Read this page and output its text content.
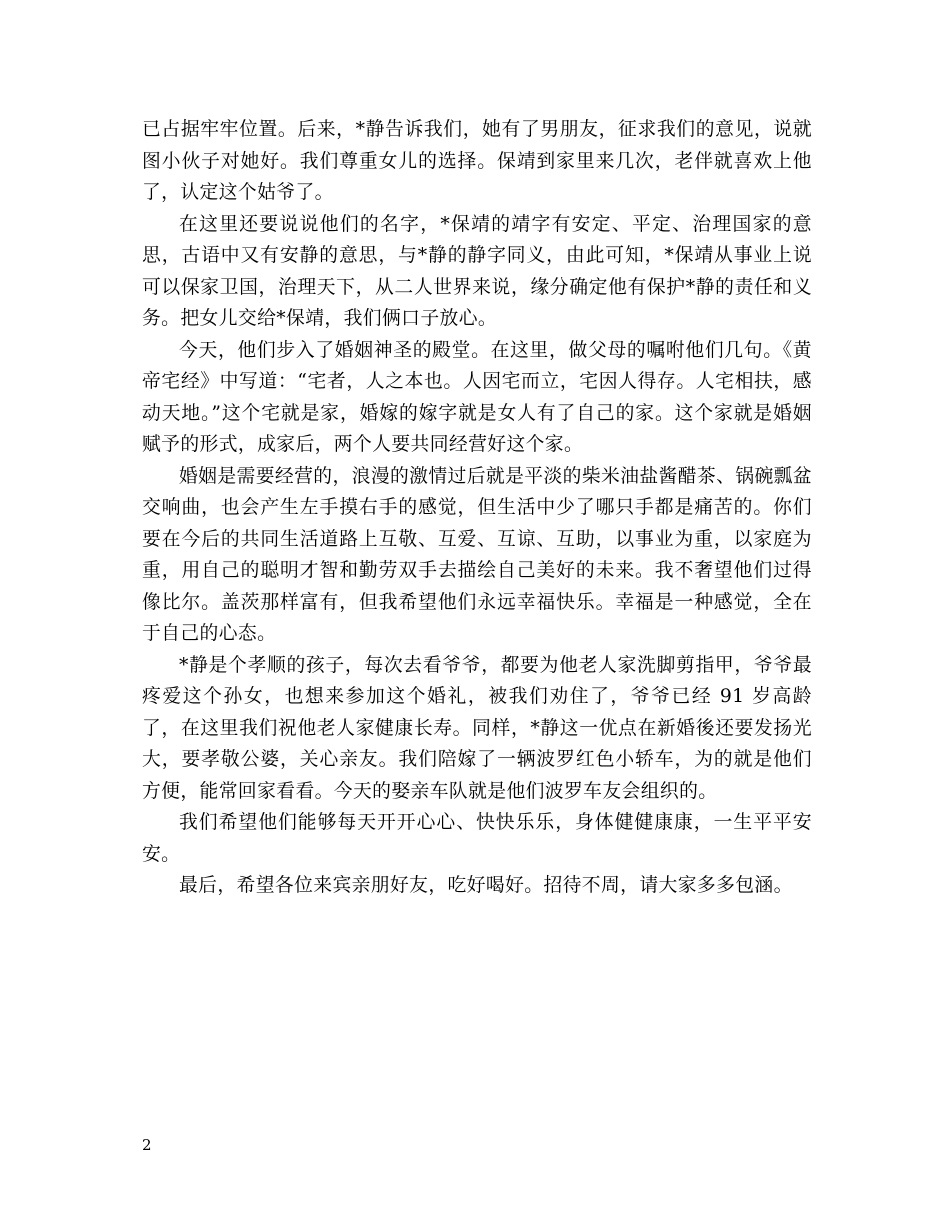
已占据牢牢位置。后来，*静告诉我们，她有了男朋友，征求我们的意见，说就图小伙子对她好。我们尊重女儿的选择。保靖到家里来几次，老伴就喜欢上他了，认定这个姑爷了。

在这里还要说说他们的名字，*保靖的靖字有安定、平定、治理国家的意思，古语中又有安静的意思，与*静的静字同义，由此可知，*保靖从事业上说可以保家卫国，治理天下，从二人世界来说，缘分确定他有保护*静的责任和义务。把女儿交给*保靖，我们俩口子放心。

今天，他们步入了婚姻神圣的殿堂。在这里，做父母的嘱咐他们几句。《黄帝宅经》中写道：“宅者，人之本也。人因宅而立，宅因人得存。人宅相扶，感动天地。”这个宅就是家，婚嫁的嫁字就是女人有了自己的家。这个家就是婚姻赋予的形式，成家后，两个人要共同经营好这个家。

婚姻是需要经营的，浪漫的激情过后就是平淡的柴米油盐酱醋茶、锅碗瓢盆交响曲，也会产生左手摸右手的感觉，但生活中少了哪只手都是痛苦的。你们要在今后的共同生活道路上互敬、互爱、互谅、互助，以事业为重，以家庭为重，用自己的聪明才智和勤劳双手去描绘自己美好的未来。我不奢望他们过得像比尔。盖茨那样富有，但我希望他们永远幸福快乐。幸福是一种感觉，全在于自己的心态。

*静是个孝顺的孩子，每次去看爷爷，都要为他老人家洗脚剪指甲，爷爷最疼爱这个孙女，也想来参加这个婚礼，被我们劝住了，爷爷已经 91 岁高龄了，在这里我们祝他老人家健康长寿。同样，*静这一优点在新婚後还要发扬光大，要孝敬公婆，关心亲友。我们陪嫁了一辆波罗红色小轿车，为的就是他们方便，能常回家看看。今天的娶亲车队就是他们波罗车友会组织的。

我们希望他们能够每天开开心心、快快乐乐，身体健健康康，一生平平安安。

最后，希望各位来宾亲朋好友，吃好喝好。招待不周，请大家多多包涵。

2
